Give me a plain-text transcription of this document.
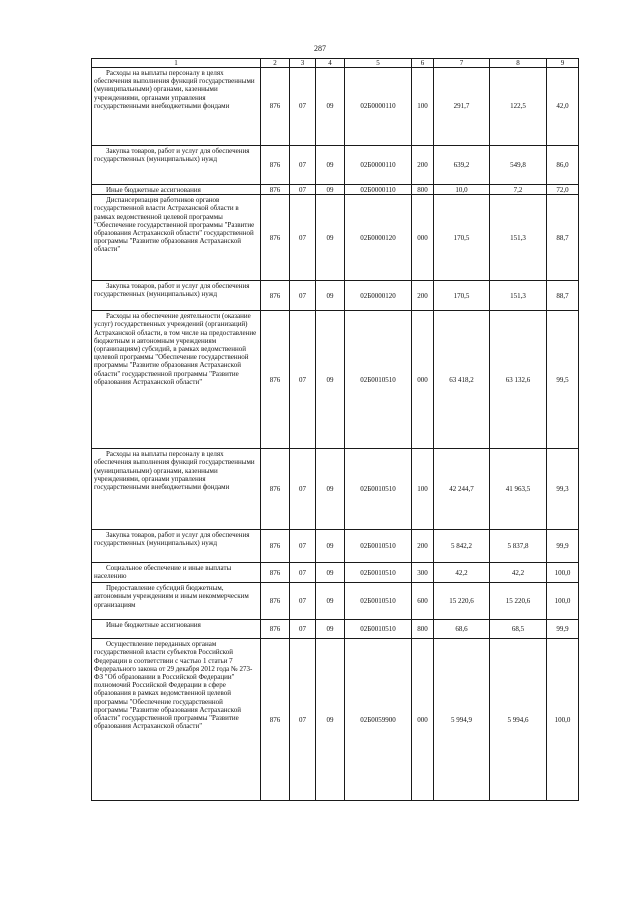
287
1	2	3	4	5	6	7	8	9
Расходы на выплаты персоналу в целях обеспечения выполнения функций государственными (муниципальными) органами, казенными учреждениями, органами управления государственными внебюджетными фондами	876	07	09	02Б0000110	100	291,7	122,5	42,0
Закупка товаров, работ и услуг для обеспечения государственных (муниципальных) нужд	876	07	09	02Б0000110	200	639,2	549,8	86,0
Иные бюджетные ассигнования	876	07	09	02Б0000110	800	10,0	7,2	72,0
Диспансеризация работников органов государственной власти Астраханской области в рамках ведомственной целевой программы "Обеспечение государственной программы "Развитие образования Астраханской области" государственной программы "Развитие образования Астраханской области"	876	07	09	02Б0000120	000	170,5	151,3	88,7
Закупка товаров, работ и услуг для обеспечения государственных (муниципальных) нужд	876	07	09	02Б0000120	200	170,5	151,3	88,7
Расходы на обеспечение деятельности (оказание услуг) государственных учреждений (организаций) Астраханской области, в том числе на предоставление бюджетным и автономным учреждениям (организациям) субсидий, в рамках ведомственной целевой программы "Обеспечение государственной программы "Развитие образования Астраханской области" государственной программы "Развитие образования Астраханской области"	876	07	09	02Б0010510	000	63 418,2	63 132,6	99,5
Расходы на выплаты персоналу в целях обеспечения выполнения функций государственными (муниципальными) органами, казенными учреждениями, органами управления государственными внебюджетными фондами	876	07	09	02Б0010510	100	42 244,7	41 963,5	99,3
Закупка товаров, работ и услуг для обеспечения государственных (муниципальных) нужд	876	07	09	02Б0010510	200	5 842,2	5 837,8	99,9
Социальное обеспечение и иные выплаты населению	876	07	09	02Б0010510	300	42,2	42,2	100,0
Предоставление субсидий бюджетным, автономным учреждениям и иным некоммерческим организациям	876	07	09	02Б0010510	600	15 220,6	15 220,6	100,0
Иные бюджетные ассигнования	876	07	09	02Б0010510	800	68,6	68,5	99,9
Осуществление переданных органам государственной власти субъектов Российской Федерации в соответствии с частью 1 статьи 7 Федерального закона от 29 декабря 2012 года № 273-ФЗ "Об образовании в Российской Федерации" полномочий Российской Федерации в сфере образования в рамках ведомственной целевой программы "Обеспечение государственной программы "Развитие образования Астраханской области" государственной программы "Развитие образования Астраханской области"	876	07	09	02Б0059900	000	5 994,9	5 994,6	100,0
